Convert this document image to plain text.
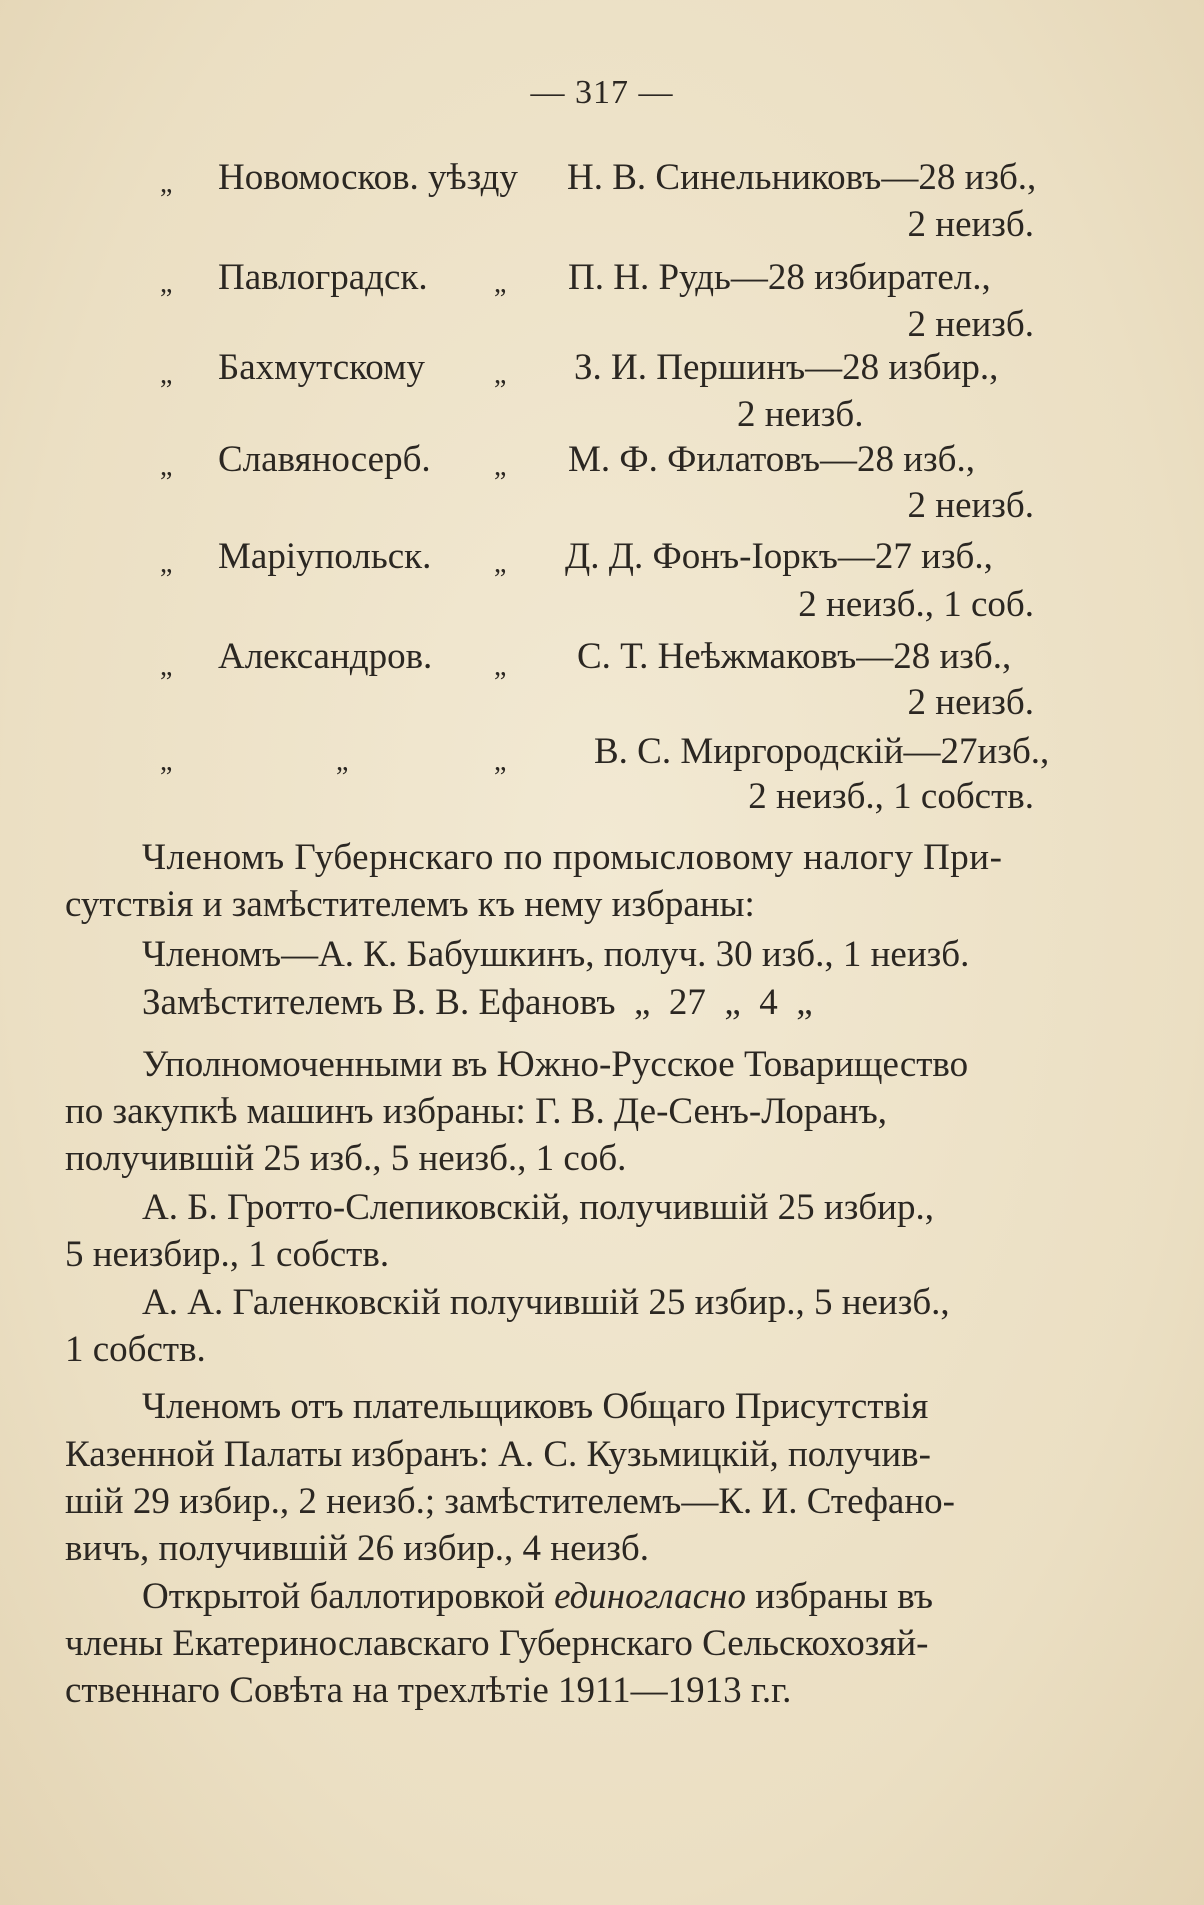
— 317 —
„ Новомосков. уѣзду Н. В. Синельниковъ—28 изб.,
2 неизб.
„ Павлоградск. „ П. Н. Рудь—28 избирател.,
2 неизб.
„ Бахмутскому „ З. И. Першинъ—28 избир.,
2 неизб.
„ Славяносерб. „ М. Ф. Филатовъ—28 изб.,
2 неизб.
„ Маріупольск. „ Д. Д. Фонъ-Іоркъ—27 изб.,
2 неизб., 1 соб.
„ Александров. „ С. Т. Неѣжмаковъ—28 изб.,
2 неизб.
„	„	„ В. С. Миргородскій—27изб.,
2 неизб., 1 собств.
Членомъ Губернскаго по промысловому налогу При-
сутствія и замѣстителемъ къ нему избраны:
Членомъ—А. К. Бабушкинъ, получ. 30 изб., 1 неизб.
Замѣстителемъ В. В. Ефановъ  „  27  „  4  „
Уполномоченными въ Южно-Русское Товарищество
по закупкѣ машинъ избраны: Г. В. Де-Сенъ-Лоранъ,
получившій 25 изб., 5 неизб., 1 соб.
А. Б. Гротто-Слепиковскій, получившій 25 избир.,
5 неизбир., 1 собств.
А. А. Галенковскій получившій 25 избир., 5 неизб.,
1 собств.
Членомъ отъ плательщиковъ Общаго Присутствія
Казенной Палаты избранъ: А. С. Кузьмицкій, получив-
шій 29 избир., 2 неизб.; замѣстителемъ—К. И. Стефано-
вичъ, получившій 26 избир., 4 неизб.
Открытой баллотировкой единогласно избраны въ
члены Екатеринославскаго Губернскаго Сельскохозяй-
ственнаго Совѣта на трехлѣтіе 1911—1913 г.г.
